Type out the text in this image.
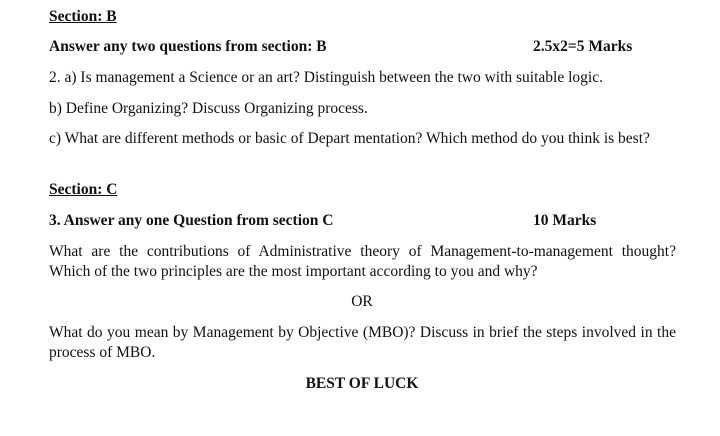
Section: B
Answer any two questions from section: B	2.5x2=5 Marks
2. a) Is management a Science or an art? Distinguish between the two with suitable logic.
b) Define Organizing? Discuss Organizing process.
c) What are different methods or basic of Depart mentation? Which method do you think is best?
Section: C
3. Answer any one Question from section C	10 Marks
What are the contributions of Administrative theory of Management-to-management thought? Which of the two principles are the most important according to you and why?
OR
What do you mean by Management by Objective (MBO)? Discuss in brief the steps involved in the process of MBO.
BEST OF LUCK
